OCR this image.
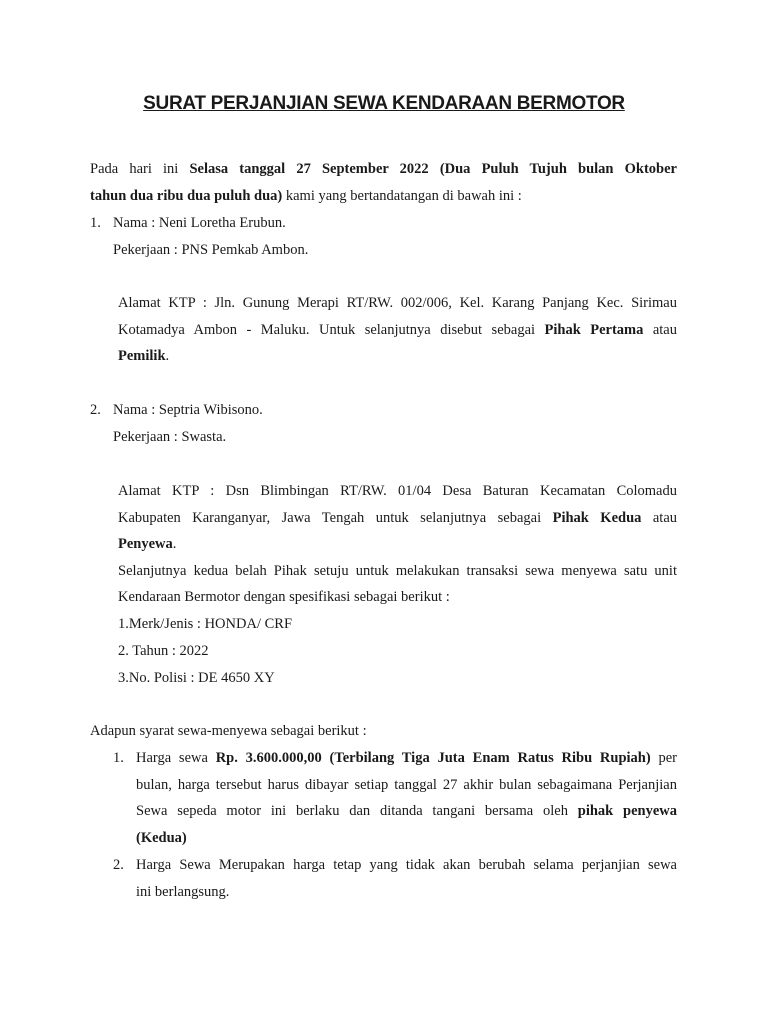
SURAT PERJANJIAN SEWA KENDARAAN BERMOTOR
Pada hari ini Selasa tanggal 27 September 2022 (Dua Puluh Tujuh bulan Oktober
tahun dua ribu dua puluh dua) kami yang bertandatangan di bawah ini :
1. Nama : Neni Loretha Erubun.
Pekerjaan : PNS Pemkab Ambon.
Alamat KTP : Jln. Gunung Merapi RT/RW. 002/006, Kel. Karang Panjang Kec. Sirimau
Kotamadya Ambon - Maluku. Untuk selanjutnya disebut sebagai Pihak Pertama atau
Pemilik.
2. Nama : Septria Wibisono.
Pekerjaan : Swasta.
Alamat KTP : Dsn Blimbingan RT/RW. 01/04 Desa Baturan Kecamatan Colomadu
Kabupaten Karanganyar, Jawa Tengah untuk selanjutnya sebagai Pihak Kedua atau
Penyewa.
Selanjutnya kedua belah Pihak setuju untuk melakukan transaksi sewa menyewa satu unit
Kendaraan Bermotor dengan spesifikasi sebagai berikut :
1.Merk/Jenis : HONDA/ CRF
2. Tahun : 2022
3.No. Polisi : DE 4650 XY
Adapun syarat sewa-menyewa sebagai berikut :
1. Harga sewa Rp. 3.600.000,00 (Terbilang Tiga Juta Enam Ratus Ribu Rupiah) per
bulan, harga tersebut harus dibayar setiap tanggal 27 akhir bulan sebagaimana Perjanjian
Sewa sepeda motor ini berlaku dan ditanda tangani bersama oleh pihak penyewa
(Kedua)
2. Harga Sewa Merupakan harga tetap yang tidak akan berubah selama perjanjian sewa
ini berlangsung.
